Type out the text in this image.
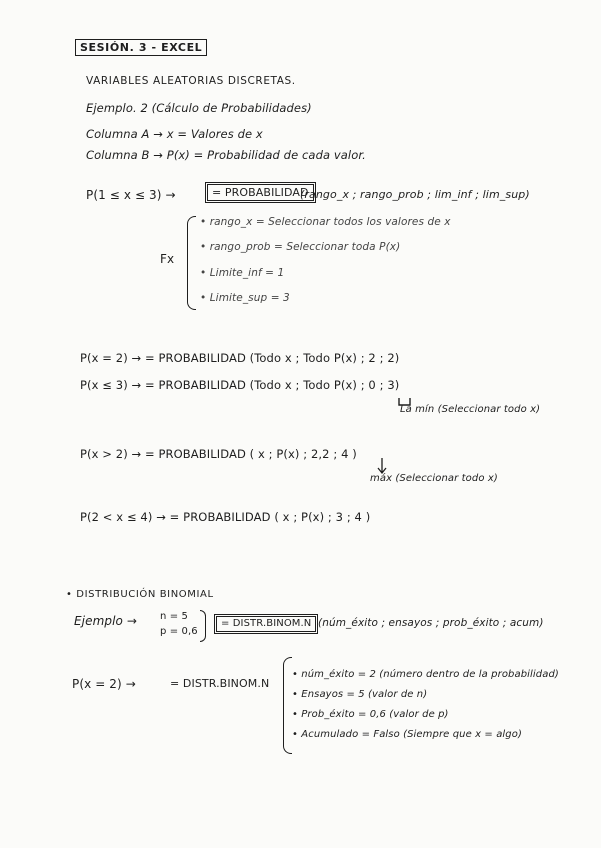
SESIÓN. 3 - EXCEL
VARIABLES ALEATORIAS DISCRETAS.
Ejemplo. 2 (Cálculo de Probabilidades)
Columna A → x = Valores de x
Columna B → P(x) = Probabilidad de cada valor.
P(1 ≤ x ≤ 3) →	= PROBABILIDAD
(rango_x ; rango_prob ; lim_inf ; lim_sup)
Fx
• rango_x = Seleccionar todos los valores de x
• rango_prob = Seleccionar toda P(x)
• Limite_inf = 1
• Limite_sup = 3
P(x = 2) → = PROBABILIDAD (Todo x ; Todo P(x) ; 2 ; 2)
P(x ≤ 3) → = PROBABILIDAD (Todo x ; Todo P(x) ; 0 ; 3)
La mín (Seleccionar todo x)
P(x > 2) → = PROBABILIDAD ( x ; P(x) ; 2,2 ; 4 )
máx (Seleccionar todo x)
P(2 < x ≤ 4) → = PROBABILIDAD ( x ; P(x) ; 3 ; 4 )
• DISTRIBUCIÓN BINOMIAL
Ejemplo → n = 5
p = 0,6
= DISTR.BINOM.N (núm_éxito ; ensayos ; prob_éxito ; acum)
P(x = 2) →	= DISTR.BINOM.N
• núm_éxito = 2 (número dentro de la probabilidad)
• Ensayos = 5 (valor de n)
• Prob_éxito = 0,6 (valor de p)
• Acumulado = Falso (Siempre que x = algo)
